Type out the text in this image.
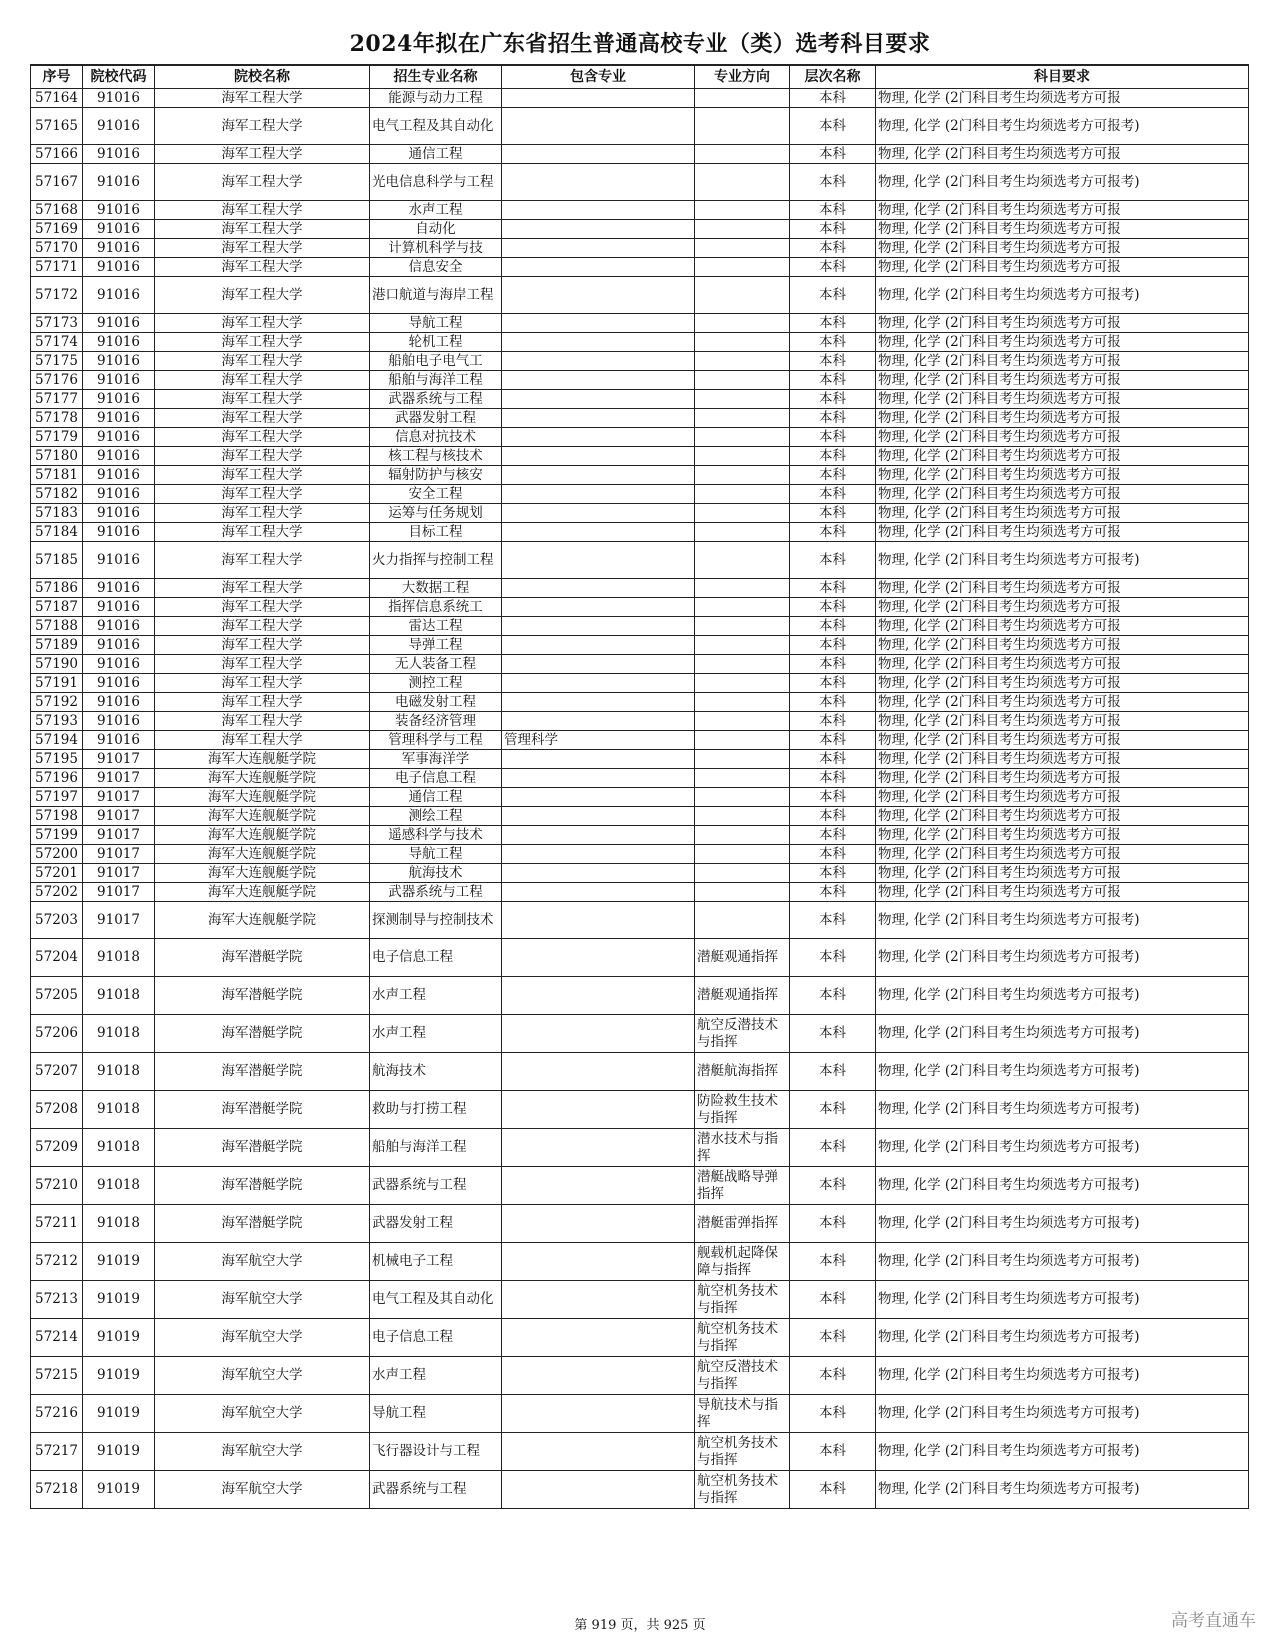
2024年拟在广东省招生普通高校专业（类）选考科目要求
序号	院校代码	院校名称	招生专业名称	包含专业	专业方向	层次名称	科目要求
57164	91016	海军工程大学	能源与动力工程			本科	物理, 化学 (2门科目考生均须选考方可报
57165	91016	海军工程大学	电气工程及其自动化			本科	物理, 化学 (2门科目考生均须选考方可报考)
57166	91016	海军工程大学	通信工程			本科	物理, 化学 (2门科目考生均须选考方可报
57167	91016	海军工程大学	光电信息科学与工程			本科	物理, 化学 (2门科目考生均须选考方可报考)
57168	91016	海军工程大学	水声工程			本科	物理, 化学 (2门科目考生均须选考方可报
57169	91016	海军工程大学	自动化			本科	物理, 化学 (2门科目考生均须选考方可报
57170	91016	海军工程大学	计算机科学与技			本科	物理, 化学 (2门科目考生均须选考方可报
57171	91016	海军工程大学	信息安全			本科	物理, 化学 (2门科目考生均须选考方可报
57172	91016	海军工程大学	港口航道与海岸工程			本科	物理, 化学 (2门科目考生均须选考方可报考)
57173	91016	海军工程大学	导航工程			本科	物理, 化学 (2门科目考生均须选考方可报
57174	91016	海军工程大学	轮机工程			本科	物理, 化学 (2门科目考生均须选考方可报
57175	91016	海军工程大学	船舶电子电气工			本科	物理, 化学 (2门科目考生均须选考方可报
57176	91016	海军工程大学	船舶与海洋工程			本科	物理, 化学 (2门科目考生均须选考方可报
57177	91016	海军工程大学	武器系统与工程			本科	物理, 化学 (2门科目考生均须选考方可报
57178	91016	海军工程大学	武器发射工程			本科	物理, 化学 (2门科目考生均须选考方可报
57179	91016	海军工程大学	信息对抗技术			本科	物理, 化学 (2门科目考生均须选考方可报
57180	91016	海军工程大学	核工程与核技术			本科	物理, 化学 (2门科目考生均须选考方可报
57181	91016	海军工程大学	辐射防护与核安			本科	物理, 化学 (2门科目考生均须选考方可报
57182	91016	海军工程大学	安全工程			本科	物理, 化学 (2门科目考生均须选考方可报
57183	91016	海军工程大学	运筹与任务规划			本科	物理, 化学 (2门科目考生均须选考方可报
57184	91016	海军工程大学	目标工程			本科	物理, 化学 (2门科目考生均须选考方可报
57185	91016	海军工程大学	火力指挥与控制工程			本科	物理, 化学 (2门科目考生均须选考方可报考)
57186	91016	海军工程大学	大数据工程			本科	物理, 化学 (2门科目考生均须选考方可报
57187	91016	海军工程大学	指挥信息系统工			本科	物理, 化学 (2门科目考生均须选考方可报
57188	91016	海军工程大学	雷达工程			本科	物理, 化学 (2门科目考生均须选考方可报
57189	91016	海军工程大学	导弹工程			本科	物理, 化学 (2门科目考生均须选考方可报
57190	91016	海军工程大学	无人装备工程			本科	物理, 化学 (2门科目考生均须选考方可报
57191	91016	海军工程大学	测控工程			本科	物理, 化学 (2门科目考生均须选考方可报
57192	91016	海军工程大学	电磁发射工程			本科	物理, 化学 (2门科目考生均须选考方可报
57193	91016	海军工程大学	装备经济管理			本科	物理, 化学 (2门科目考生均须选考方可报
57194	91016	海军工程大学	管理科学与工程	管理科学		本科	物理, 化学 (2门科目考生均须选考方可报
57195	91017	海军大连舰艇学院	军事海洋学			本科	物理, 化学 (2门科目考生均须选考方可报
57196	91017	海军大连舰艇学院	电子信息工程			本科	物理, 化学 (2门科目考生均须选考方可报
57197	91017	海军大连舰艇学院	通信工程			本科	物理, 化学 (2门科目考生均须选考方可报
57198	91017	海军大连舰艇学院	测绘工程			本科	物理, 化学 (2门科目考生均须选考方可报
57199	91017	海军大连舰艇学院	遥感科学与技术			本科	物理, 化学 (2门科目考生均须选考方可报
57200	91017	海军大连舰艇学院	导航工程			本科	物理, 化学 (2门科目考生均须选考方可报
57201	91017	海军大连舰艇学院	航海技术			本科	物理, 化学 (2门科目考生均须选考方可报
57202	91017	海军大连舰艇学院	武器系统与工程			本科	物理, 化学 (2门科目考生均须选考方可报
57203	91017	海军大连舰艇学院	探测制导与控制技术			本科	物理, 化学 (2门科目考生均须选考方可报考)
57204	91018	海军潜艇学院	电子信息工程		潜艇观通指挥	本科	物理, 化学 (2门科目考生均须选考方可报考)
57205	91018	海军潜艇学院	水声工程		潜艇观通指挥	本科	物理, 化学 (2门科目考生均须选考方可报考)
57206	91018	海军潜艇学院	水声工程		航空反潜技术与指挥	本科	物理, 化学 (2门科目考生均须选考方可报考)
57207	91018	海军潜艇学院	航海技术		潜艇航海指挥	本科	物理, 化学 (2门科目考生均须选考方可报考)
57208	91018	海军潜艇学院	救助与打捞工程		防险救生技术与指挥	本科	物理, 化学 (2门科目考生均须选考方可报考)
57209	91018	海军潜艇学院	船舶与海洋工程		潜水技术与指挥	本科	物理, 化学 (2门科目考生均须选考方可报考)
57210	91018	海军潜艇学院	武器系统与工程		潜艇战略导弹指挥	本科	物理, 化学 (2门科目考生均须选考方可报考)
57211	91018	海军潜艇学院	武器发射工程		潜艇雷弹指挥	本科	物理, 化学 (2门科目考生均须选考方可报考)
57212	91019	海军航空大学	机械电子工程		舰载机起降保障与指挥	本科	物理, 化学 (2门科目考生均须选考方可报考)
57213	91019	海军航空大学	电气工程及其自动化		航空机务技术与指挥	本科	物理, 化学 (2门科目考生均须选考方可报考)
57214	91019	海军航空大学	电子信息工程		航空机务技术与指挥	本科	物理, 化学 (2门科目考生均须选考方可报考)
57215	91019	海军航空大学	水声工程		航空反潜技术与指挥	本科	物理, 化学 (2门科目考生均须选考方可报考)
57216	91019	海军航空大学	导航工程		导航技术与指挥	本科	物理, 化学 (2门科目考生均须选考方可报考)
57217	91019	海军航空大学	飞行器设计与工程		航空机务技术与指挥	本科	物理, 化学 (2门科目考生均须选考方可报考)
57218	91019	海军航空大学	武器系统与工程		航空机务技术与指挥	本科	物理, 化学 (2门科目考生均须选考方可报考)
第 919 页，共 925 页	高考直通车
